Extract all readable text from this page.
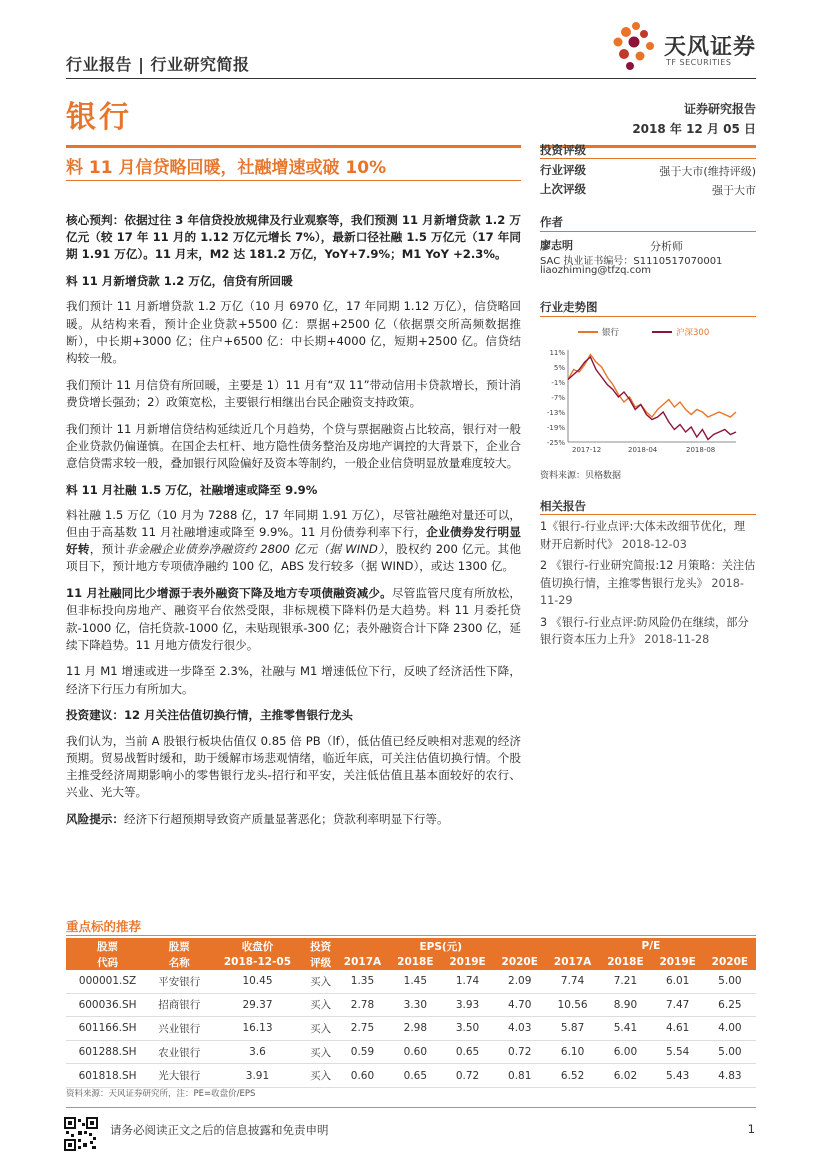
行业报告 | 行业研究简报
天风证券
TF SECURITIES
银行	证券研究报告
2018 年 12 月 05 日
料 11 月信贷略回暖，社融增速或破 10%

核心预判：依据过往 3 年信贷投放规律及行业观察等，我们预测 11 月新增贷款 1.2 万亿元（较 17 年 11 月的 1.12 万亿元增长 7%），最新口径社融 1.5 万亿元（17 年同期 1.91 万亿）。11 月末，M2 达 181.2 万亿，YoY+7.9%；M1 YoY +2.3%。

料 11 月新增贷款 1.2 万亿，信贷有所回暖

我们预计 11 月新增贷款 1.2 万亿（10 月 6970 亿，17 年同期 1.12 万亿），信贷略回暖。从结构来看，预计企业贷款+5500 亿：票据+2500 亿（依据票交所高频数据推断），中长期+3000 亿；住户+6500 亿：中长期+4000 亿，短期+2500 亿。信贷结构较一般。

我们预计 11 月信贷有所回暖，主要是 1）11 月有“双 11”带动信用卡贷款增长，预计消费贷增长强劲；2）政策宽松，主要银行相继出台民企融资支持政策。

我们预计 11 月新增信贷结构延续近几个月趋势，个贷与票据融资占比较高，银行对一般企业贷款仍偏谨慎。在国企去杠杆、地方隐性债务整治及房地产调控的大背景下，企业合意信贷需求较一般，叠加银行风险偏好及资本等制约，一般企业信贷明显放量难度较大。

料 11 月社融 1.5 万亿，社融增速或降至 9.9%

料社融 1.5 万亿（10 月为 7288 亿，17 年同期 1.91 万亿），尽管社融绝对量还可以，但由于高基数 11 月社融增速或降至 9.9%。11 月份债券利率下行，企业债券发行明显好转，预计非金融企业债券净融资约 2800 亿元（据 WIND），股权约 200 亿元。其他项目下，预计地方专项债净融约 100 亿，ABS 发行较多（据 WIND），或达 1300 亿。

11 月社融同比少增源于表外融资下降及地方专项债融资减少。尽管监管尺度有所放松，但非标投向房地产、融资平台依然受限，非标规模下降料仍是大趋势。料 11 月委托贷款-1000 亿，信托贷款-1000 亿，未贴现银承-300 亿；表外融资合计下降 2300 亿，延续下降趋势。11 月地方债发行很少。

11 月 M1 增速或进一步降至 2.3%，社融与 M1 增速低位下行，反映了经济活性下降，经济下行压力有所加大。

投资建议：12 月关注估值切换行情，主推零售银行龙头

我们认为，当前 A 股银行板块估值仅 0.85 倍 PB（lf），低估值已经反映相对悲观的经济预期。贸易战暂时缓和，助于缓解市场悲观情绪，临近年底，可关注估值切换行情。个股主推受经济周期影响小的零售银行龙头-招行和平安，关注低估值且基本面较好的农行、兴业、光大等。

风险提示：经济下行超预期导致资产质量显著恶化；贷款利率明显下行等。

投资评级
行业评级	强于大市(维持评级)
上次评级	强于大市
作者
廖志明	分析师
SAC 执业证书编号：S1110517070001
liaozhiming@tfzq.com
行业走势图
银行	沪深300
11%
5%
-1%
-7%
-13%
-19%
-25%
2017-12	2018-04	2018-08
资料来源：贝格数据
相关报告
1《银行-行业点评:大体未改细节优化，理财开启新时代》 2018-12-03
2 《银行-行业研究简报:12 月策略：关注估值切换行情，主推零售银行龙头》 2018-11-29
3 《银行-行业点评:防风险仍在继续，部分银行资本压力上升》 2018-11-28
重点标的推荐
股票	股票	收盘价	投资	EPS(元)				P/E			
代码	名称	2018-12-05	评级	2017A	2018E	2019E	2020E	2017A	2018E	2019E	2020E
000001.SZ	平安银行	10.45	买入	1.35	1.45	1.74	2.09	7.74	7.21	6.01	5.00
600036.SH	招商银行	29.37	买入	2.78	3.30	3.93	4.70	10.56	8.90	7.47	6.25
601166.SH	兴业银行	16.13	买入	2.75	2.98	3.50	4.03	5.87	5.41	4.61	4.00
601288.SH	农业银行	3.6	买入	0.59	0.60	0.65	0.72	6.10	6.00	5.54	5.00
601818.SH	光大银行	3.91	买入	0.60	0.65	0.72	0.81	6.52	6.02	5.43	4.83
资料来源：天风证券研究所，注：PE=收盘价/EPS
请务必阅读正文之后的信息披露和免责申明	1
